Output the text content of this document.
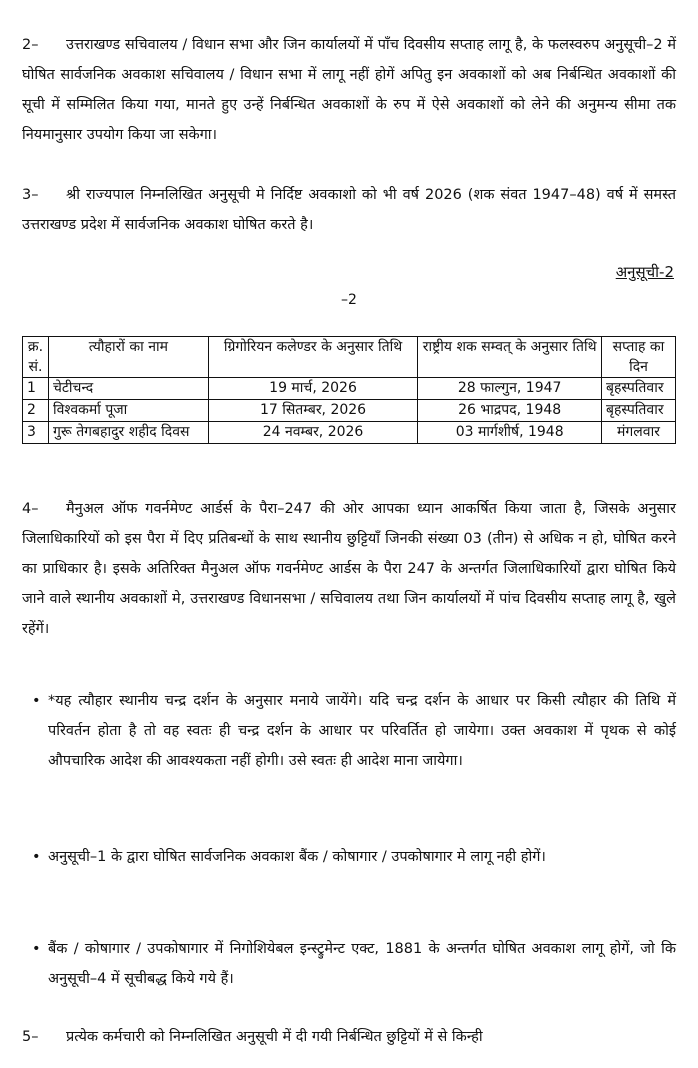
2– उत्तराखण्ड सचिवालय / विधान सभा और जिन कार्यालयों में पाँच दिवसीय सप्ताह लागू है, के फलस्वरुप अनुसूची–2 में घोषित सार्वजनिक अवकाश सचिवालय / विधान सभा में लागू नहीं होगें अपितु इन अवकाशों को अब निर्बन्धित अवकाशों की सूची में सम्मिलित किया गया, मानते हुए उन्हें निर्बन्धित अवकाशों के रुप में ऐसे अवकाशों को लेने की अनुमन्य सीमा तक नियमानुसार उपयोग किया जा सकेगा।
3– श्री राज्यपाल निम्नलिखित अनुसूची मे निर्दिष्ट अवकाशो को भी वर्ष 2026 (शक संवत 1947–48) वर्ष में समस्त उत्तराखण्ड प्रदेश में सार्वजनिक अवकाश घोषित करते है।
अनुसूची-2
–2
क्र. सं.	त्यौहारों का नाम	ग्रिगोरियन कलेण्डर के अनुसार तिथि	राष्ट्रीय शक सम्वत् के अनुसार तिथि	सप्ताह का दिन
1	चेटीचन्द	19 मार्च, 2026	28 फाल्गुन, 1947	बृहस्पतिवार
2	विश्वकर्मा पूजा	17 सितम्बर, 2026	26 भाद्रपद, 1948	बृहस्पतिवार
3	गुरू तेगबहादुर शहीद दिवस	24 नवम्बर, 2026	03 मार्गशीर्ष, 1948	मंगलवार
4– मैनुअल ऑफ गवर्नमेण्ट आर्डर्स के पैरा–247 की ओर आपका ध्यान आकर्षित किया जाता है, जिसके अनुसार जिलाधिकारियों को इस पैरा में दिए प्रतिबन्धों के साथ स्थानीय छुट्टियाँ जिनकी संख्या 03 (तीन) से अधिक न हो, घोषित करने का प्राधिकार है। इसके अतिरिक्त मैनुअल ऑफ गवर्नमेण्ट आर्डस के पैरा 247 के अन्तर्गत जिलाधिकारियों द्वारा घोषित किये जाने वाले स्थानीय अवकाशों मे, उत्तराखण्ड विधानसभा / सचिवालय तथा जिन कार्यालयों में पांच दिवसीय सप्ताह लागू है, खुले रहेंगें।
• *यह त्यौहार स्थानीय चन्द्र दर्शन के अनुसार मनाये जायेंगे। यदि चन्द्र दर्शन के आधार पर किसी त्यौहार की तिथि में परिवर्तन होता है तो वह स्वतः ही चन्द्र दर्शन के आधार पर परिवर्तित हो जायेगा। उक्त अवकाश में पृथक से कोई औपचारिक आदेश की आवश्यकता नहीं होगी। उसे स्वतः ही आदेश माना जायेगा।
• अनुसूची–1 के द्वारा घोषित सार्वजनिक अवकाश बैंक / कोषागार / उपकोषागार मे लागू नही होगें।
• बैंक / कोषागार / उपकोषागार में निगोशियेबल इन्स्ट्रुमेन्ट एक्ट, 1881 के अन्तर्गत घोषित अवकाश लागू होगें, जो कि अनुसूची–4 में सूचीबद्ध किये गये हैं।
5– प्रत्येक कर्मचारी को निम्नलिखित अनुसूची में दी गयी निर्बन्धित छुट्टियों में से किन्ही
